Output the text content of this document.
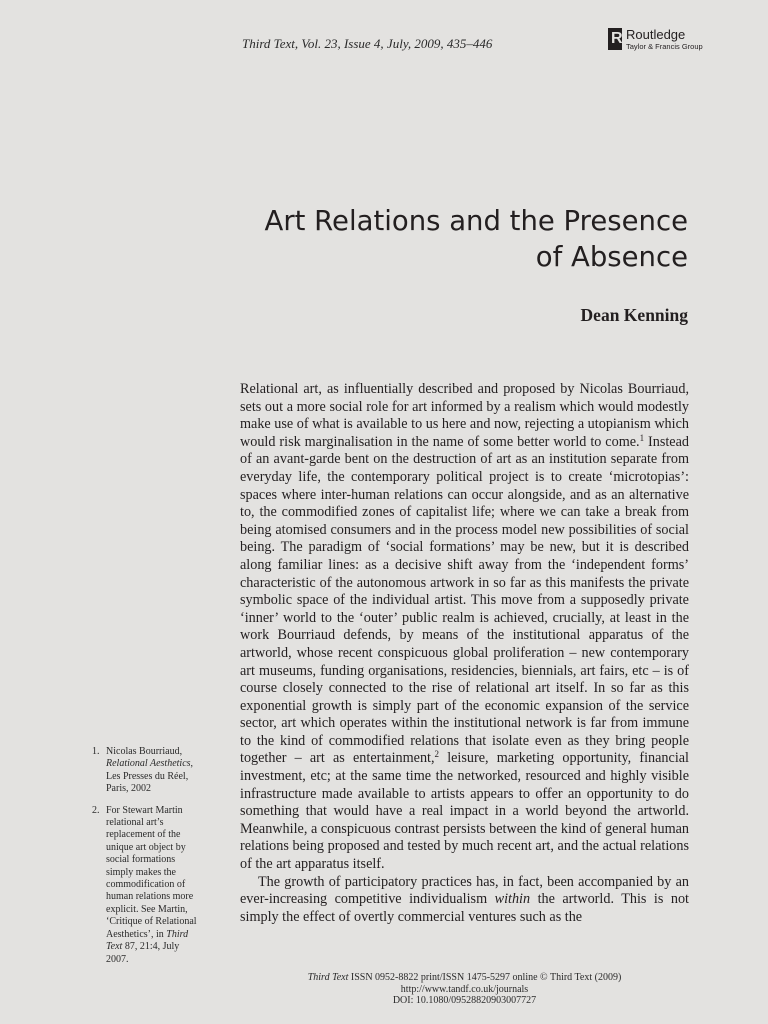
Third Text, Vol. 23, Issue 4, July, 2009, 435–446	R Routledge
Taylor & Francis Group
Art Relations and the Presence
of Absence
Dean Kenning

Relational art, as influentially described and proposed by Nicolas Bourriaud, sets out a more social role for art informed by a realism which would modestly make use of what is available to us here and now, rejecting a utopianism which would risk marginalisation in the name of some better world to come.$^1$ Instead of an avant-garde bent on the destruction of art as an institution separate from everyday life, the contemporary political project is to create ‘microtopias’: spaces where inter-human relations can occur alongside, and as an alternative to, the commodified zones of capitalist life; where we can take a break from being atomised consumers and in the process model new possibilities of social being. The paradigm of ‘social formations’ may be new, but it is described along familiar lines: as a decisive shift away from the ‘independent forms’ characteristic of the autonomous artwork in so far as this manifests the private symbolic space of the individual artist. This move from a supposedly private ‘inner’ world to the ‘outer’ public realm is achieved, crucially, at least in the work Bourriaud defends, by means of the institutional apparatus of the artworld, whose recent conspicuous global proliferation – new contemporary art museums, funding organisations, residencies, biennials, art fairs, etc – is of course closely connected to the rise of relational art itself. In so far as this exponential growth is simply part of the economic expansion of the service sector, art which operates within the institutional network is far from immune to the kind of commodified relations that isolate even as they bring people together – art as entertainment,$^2$ leisure, marketing opportunity, financial investment, etc; at the same time the networked, resourced and highly visible infrastructure made available to artists appears to offer an opportunity to do something that would have a real impact in a world beyond the artworld. Meanwhile, a conspicuous contrast persists between the kind of general human relations being proposed and tested by much recent art, and the actual relations of the art apparatus itself.

The growth of participatory practices has, in fact, been accompanied by an ever-increasing competitive individualism within the artworld. This is not simply the effect of overtly commercial ventures such as the

1. Nicolas Bourriaud, Relational Aesthetics, Les Presses du Réel, Paris, 2002
2. For Stewart Martin relational art’s replacement of the unique art object by social formations simply makes the commodification of human relations more explicit. See Martin, ‘Critique of Relational Aesthetics’, in Third Text 87, 21:4, July 2007.
Third Text ISSN 0952-8822 print/ISSN 1475-5297 online © Third Text (2009)
http://www.tandf.co.uk/journals
DOI: 10.1080/09528820903007727
